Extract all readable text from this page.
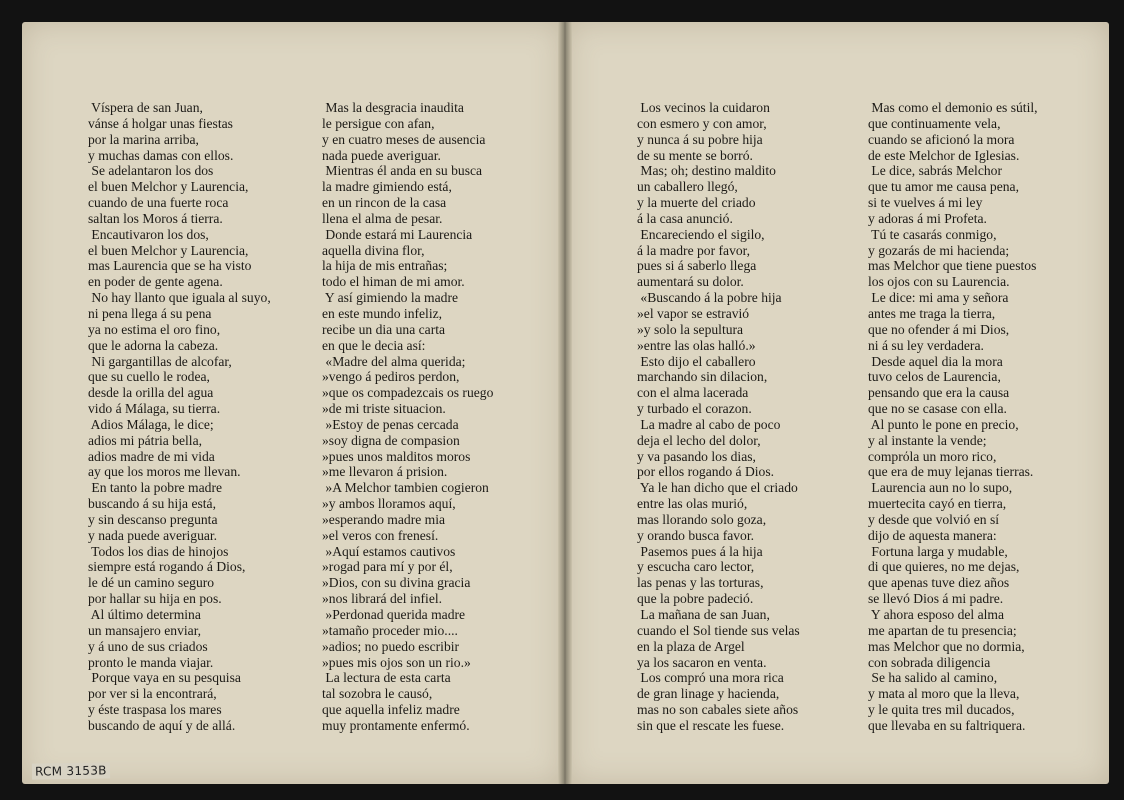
Víspera de san Juan,
vánse á holgar unas fiestas
por la marina arriba,
y muchas damas con ellos.
Se adelantaron los dos
el buen Melchor y Laurencia,
cuando de una fuerte roca
saltan los Moros á tierra.
Encautivaron los dos,
el buen Melchor y Laurencia,
mas Laurencia que se ha visto
en poder de gente agena.
No hay llanto que iguala al suyo,
ni pena llega á su pena
ya no estima el oro fino,
que le adorna la cabeza.
Ni gargantillas de alcofar,
que su cuello le rodea,
desde la orilla del agua
vido á Málaga, su tierra.
Adios Málaga, le dice;
adios mi pátria bella,
adios madre de mi vida
ay que los moros me llevan.
En tanto la pobre madre
buscando á su hija está,
y sin descanso pregunta
y nada puede averiguar.
Todos los dias de hinojos
siempre está rogando á Dios,
le dé un camino seguro
por hallar su hija en pos.
Al último determina
un mansajero enviar,
y á uno de sus criados
pronto le manda viajar.
Porque vaya en su pesquisa
por ver si la encontrará,
y éste traspasa los mares
buscando de aquí y de allá.
Mas la desgracia inaudita
le persigue con afan,
y en cuatro meses de ausencia
nada puede averiguar.
Mientras él anda en su busca
la madre gimiendo está,
en un rincon de la casa
llena el alma de pesar.
Donde estará mi Laurencia
aquella divina flor,
la hija de mis entrañas;
todo el himan de mi amor.
Y así gimiendo la madre
en este mundo infeliz,
recibe un dia una carta
en que le decia así:
«Madre del alma querida;
»vengo á pediros perdon,
»que os compadezcais os ruego
»de mi triste situacion.
»Estoy de penas cercada
»soy digna de compasion
»pues unos malditos moros
»me llevaron á prision.
»A Melchor tambien cogieron
»y ambos lloramos aquí,
»esperando madre mia
»el veros con frenesí.
»Aquí estamos cautivos
»rogad para mí y por él,
»Dios, con su divina gracia
»nos librará del infiel.
»Perdonad querida madre
»tamaño proceder mio....
»adios; no puedo escribir
»pues mis ojos son un rio.»
La lectura de esta carta
tal sozobra le causó,
que aquella infeliz madre
muy prontamente enfermó.
Los vecinos la cuidaron
con esmero y con amor,
y nunca á su pobre hija
de su mente se borró.
Mas; oh; destino maldito
un caballero llegó,
y la muerte del criado
á la casa anunció.
Encareciendo el sigilo,
á la madre por favor,
pues si á saberlo llega
aumentará su dolor.
«Buscando á la pobre hija
»el vapor se estravió
»y solo la sepultura
»entre las olas halló.»
Esto dijo el caballero
marchando sin dilacion,
con el alma lacerada
y turbado el corazon.
La madre al cabo de poco
deja el lecho del dolor,
y va pasando los dias,
por ellos rogando á Dios.
Ya le han dicho que el criado
entre las olas murió,
mas llorando solo goza,
y orando busca favor.
Pasemos pues á la hija
y escucha caro lector,
las penas y las torturas,
que la pobre padeció.
La mañana de san Juan,
cuando el Sol tiende sus velas
en la plaza de Argel
ya los sacaron en venta.
Los compró una mora rica
de gran linage y hacienda,
mas no son cabales siete años
sin que el rescate les fuese.
Mas como el demonio es sútil,
que continuamente vela,
cuando se aficionó la mora
de este Melchor de Iglesias.
Le dice, sabrás Melchor
que tu amor me causa pena,
si te vuelves á mi ley
y adoras á mi Profeta.
Tú te casarás conmigo,
y gozarás de mi hacienda;
mas Melchor que tiene puestos
los ojos con su Laurencia.
Le dice: mi ama y señora
antes me traga la tierra,
que no ofender á mi Dios,
ni á su ley verdadera.
Desde aquel dia la mora
tuvo celos de Laurencia,
pensando que era la causa
que no se casase con ella.
Al punto le pone en precio,
y al instante la vende;
comprόla un moro rico,
que era de muy lejanas tierras.
Laurencia aun no lo supo,
muertecita cayó en tierra,
y desde que volvió en sí
dijo de aquesta manera:
Fortuna larga y mudable,
di que quieres, no me dejas,
que apenas tuve diez años
se llevó Dios á mi padre.
Y ahora esposo del alma
me apartan de tu presencia;
mas Melchor que no dormia,
con sobrada diligencia
Se ha salido al camino,
y mata al moro que la lleva,
y le quita tres mil ducados,
que llevaba en su faltriquera.
RCM 3153B
